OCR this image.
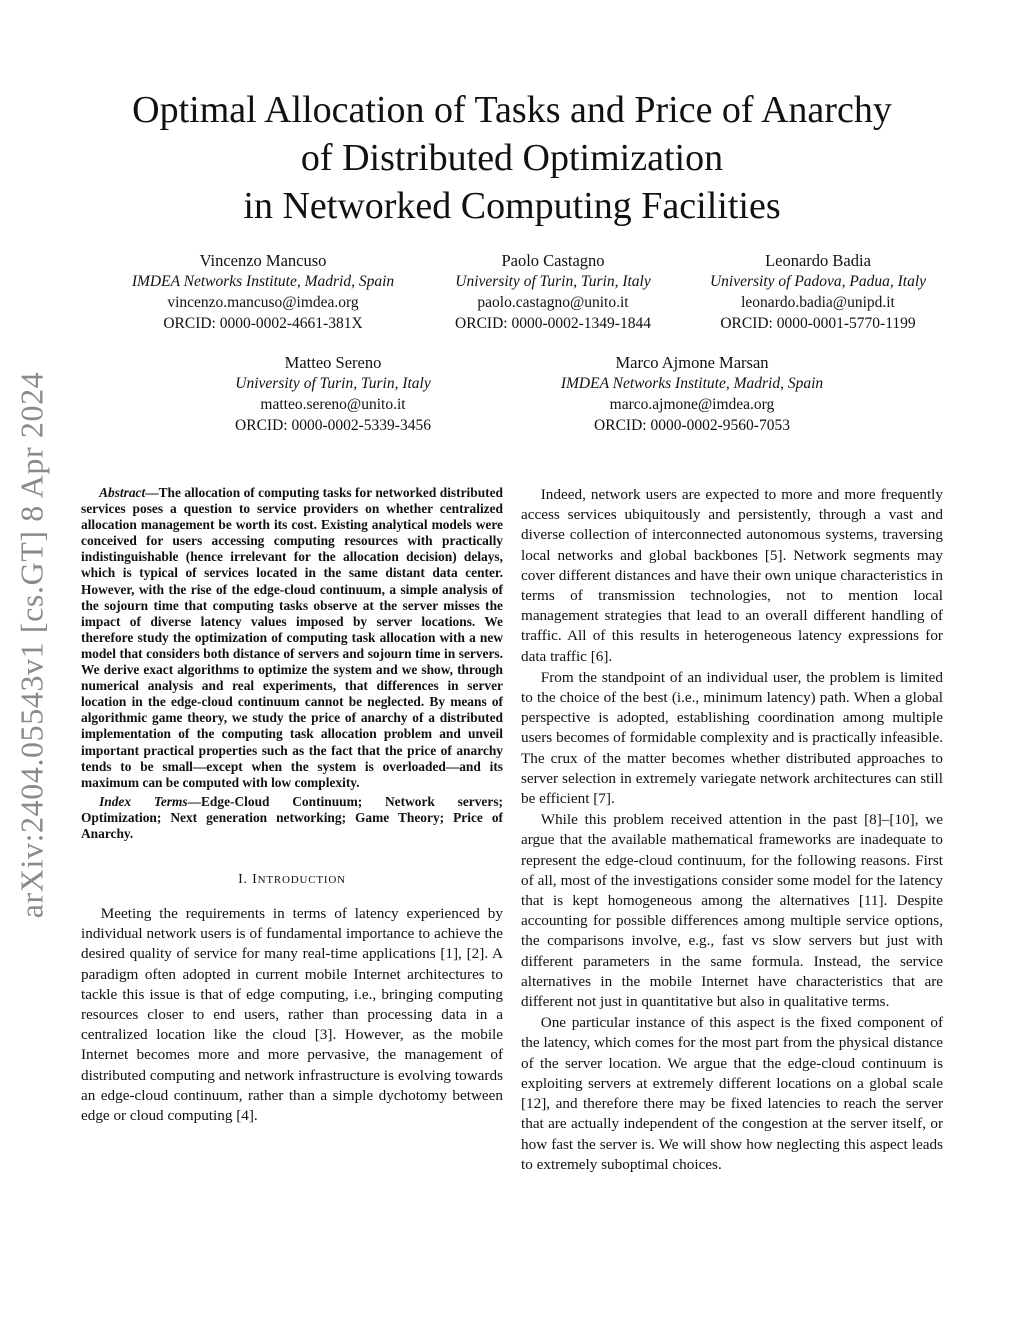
arXiv:2404.05543v1 [cs.GT] 8 Apr 2024
Optimal Allocation of Tasks and Price of Anarchy
of Distributed Optimization
in Networked Computing Facilities
Vincenzo Mancuso
IMDEA Networks Institute, Madrid, Spain
vincenzo.mancuso@imdea.org
ORCID: 0000-0002-4661-381X
Paolo Castagno
University of Turin, Turin, Italy
paolo.castagno@unito.it
ORCID: 0000-0002-1349-1844
Leonardo Badia
University of Padova, Padua, Italy
leonardo.badia@unipd.it
ORCID: 0000-0001-5770-1199
Matteo Sereno
University of Turin, Turin, Italy
matteo.sereno@unito.it
ORCID: 0000-0002-5339-3456
Marco Ajmone Marsan
IMDEA Networks Institute, Madrid, Spain
marco.ajmone@imdea.org
ORCID: 0000-0002-9560-7053

Abstract—The allocation of computing tasks for networked distributed services poses a question to service providers on whether centralized allocation management be worth its cost. Existing analytical models were conceived for users accessing computing resources with practically indistinguishable (hence irrelevant for the allocation decision) delays, which is typical of services located in the same distant data center. However, with the rise of the edge-cloud continuum, a simple analysis of the sojourn time that computing tasks observe at the server misses the impact of diverse latency values imposed by server locations. We therefore study the optimization of computing task allocation with a new model that considers both distance of servers and sojourn time in servers. We derive exact algorithms to optimize the system and we show, through numerical analysis and real experiments, that differences in server location in the edge-cloud continuum cannot be neglected. By means of algorithmic game theory, we study the price of anarchy of a distributed implementation of the computing task allocation problem and unveil important practical properties such as the fact that the price of anarchy tends to be small—except when the system is overloaded—and its maximum can be computed with low complexity.

Index Terms—Edge-Cloud Continuum; Network servers; Optimization; Next generation networking; Game Theory; Price of Anarchy.

I. INTRODUCTION

Meeting the requirements in terms of latency experienced by individual network users is of fundamental importance to achieve the desired quality of service for many real-time applications [1], [2]. A paradigm often adopted in current mobile Internet architectures to tackle this issue is that of edge computing, i.e., bringing computing resources closer to end users, rather than processing data in a centralized location like the cloud [3]. However, as the mobile Internet becomes more and more pervasive, the management of distributed computing and network infrastructure is evolving towards an edge-cloud continuum, rather than a simple dychotomy between edge or cloud computing [4].

Indeed, network users are expected to more and more frequently access services ubiquitously and persistently, through a vast and diverse collection of interconnected autonomous systems, traversing local networks and global backbones [5]. Network segments may cover different distances and have their own unique characteristics in terms of transmission technologies, not to mention local management strategies that lead to an overall different handling of traffic. All of this results in heterogeneous latency expressions for data traffic [6].

From the standpoint of an individual user, the problem is limited to the choice of the best (i.e., minimum latency) path. When a global perspective is adopted, establishing coordination among multiple users becomes of formidable complexity and is practically infeasible. The crux of the matter becomes whether distributed approaches to server selection in extremely variegate network architectures can still be efficient [7].

While this problem received attention in the past [8]–[10], we argue that the available mathematical frameworks are inadequate to represent the edge-cloud continuum, for the following reasons. First of all, most of the investigations consider some model for the latency that is kept homogeneous among the alternatives [11]. Despite accounting for possible differences among multiple service options, the comparisons involve, e.g., fast vs slow servers but just with different parameters in the same formula. Instead, the service alternatives in the mobile Internet have characteristics that are different not just in quantitative but also in qualitative terms.

One particular instance of this aspect is the fixed component of the latency, which comes for the most part from the physical distance of the server location. We argue that the edge-cloud continuum is exploiting servers at extremely different locations on a global scale [12], and therefore there may be fixed latencies to reach the server that are actually independent of the congestion at the server itself, or how fast the server is. We will show how neglecting this aspect leads to extremely suboptimal choices.
